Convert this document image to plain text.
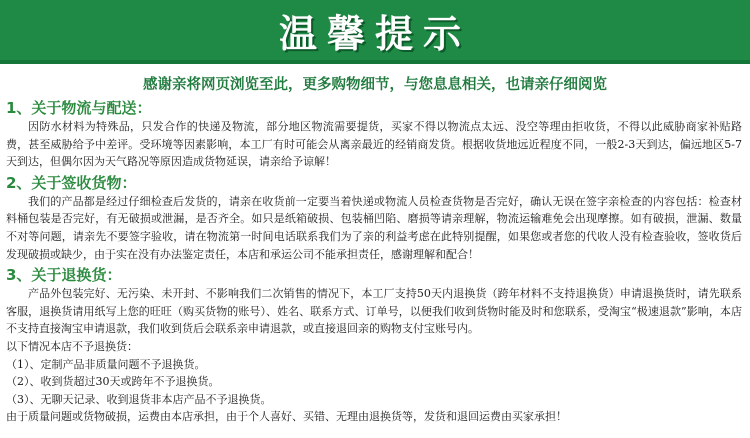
温馨提示
感谢亲将网页浏览至此，更多购物细节，与您息息相关，也请亲仔细阅览
1、关于物流与配送：
因防水材料为特殊品，只发合作的快递及物流，部分地区物流需要提货，买家不得以物流点太远、没空等理由拒收货，不得以此威胁商家补贴路费，甚至威胁给予中差评。受环境等因素影响，本工厂有时可能会从离亲最近的经销商发货。根据收货地远近程度不同，一般2-3天到达，偏远地区5-7天到达，但偶尔因为天气路况等原因造成货物延误，请亲给予谅解！
2、关于签收货物：
我们的产品都是经过仔细检查后发货的，请亲在收货前一定要当着快递或物流人员检查货物是否完好，确认无误在签字亲检查的内容包括：检查材料桶包装是否完好，有无破损或泄漏，是否齐全。如只是纸箱破损、包装桶凹陷、磨损等请亲理解，物流运输难免会出现摩擦。如有破损，泄漏、数量不对等问题，请亲先不要签字验收，请在物流第一时间电话联系我们为了亲的利益考虑在此特别提醒，如果您或者您的代收人没有检查验收，签收货后发现破损或缺少，由于实在没有办法鉴定责任，本店和承运公司不能承担责任，感谢理解和配合！
3、关于退换货：
产品外包装完好、无污染、未开封、不影响我们二次销售的情况下，本工厂支持50天内退换货（跨年材料不支持退换货）申请退换货时，请先联系客服，退换货请用纸写上您的旺旺（购买货物的账号）、姓名、联系方式、订单号，以便我们收到货物时能及时和您联系，受淘宝“极速退款”影响，本店不支持直接淘宝申请退款，我们收到货后会联系亲申请退款，或直接退回亲的购物支付宝账号内。
以下情况本店不予退换货：
（1）、定制产品非质量问题不予退换货。
（2）、收到货超过30天或跨年不予退换货。
（3）、无聊天记录、收到退货非本店产品不予退换货。
由于质量问题或货物破损，运费由本店承担，由于个人喜好、买错、无理由退换货等，发货和退回运费由买家承担！
